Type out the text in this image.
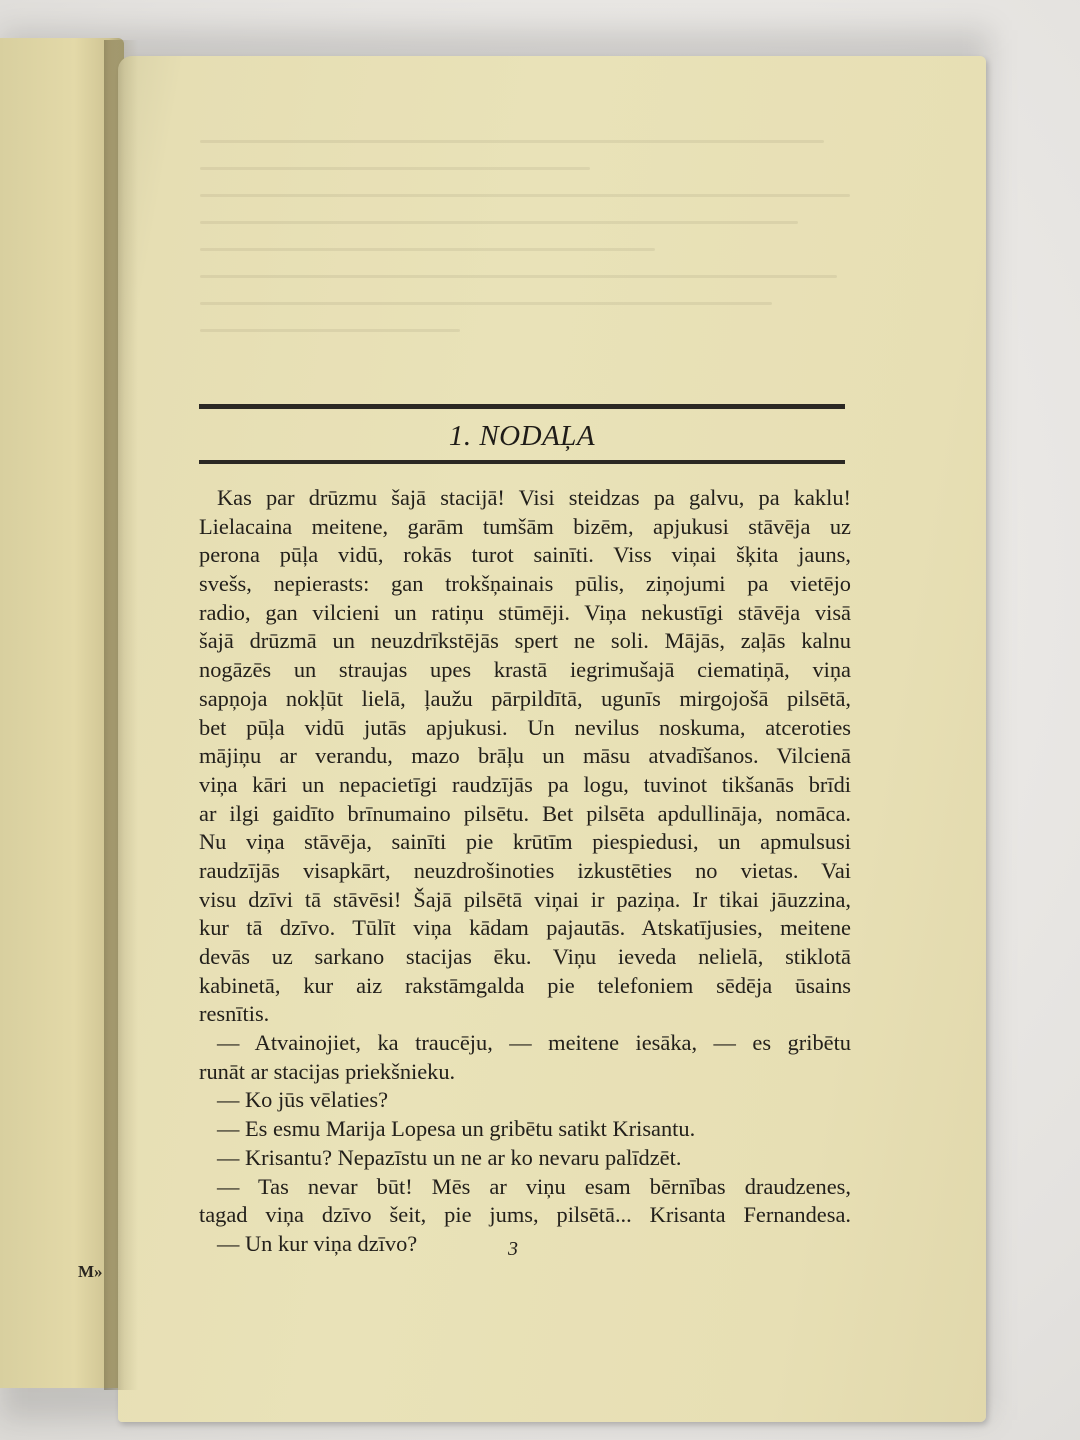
M»
1. NODAĻA
Kas par drūzmu šajā stacijā! Visi steidzas pa galvu, pa kaklu!
Lielacaina meitene, garām tumšām bizēm, apjukusi stāvēja uz
perona pūļa vidū, rokās turot sainīti. Viss viņai šķita jauns,
svešs, nepierasts: gan trokšņainais pūlis, ziņojumi pa vietējo
radio, gan vilcieni un ratiņu stūmēji. Viņa nekustīgi stāvēja visā
šajā drūzmā un neuzdrīkstējās spert ne soli. Mājās, zaļās kalnu
nogāzēs un straujas upes krastā iegrimušajā ciematiņā, viņa
sapņoja nokļūt lielā, ļaužu pārpildītā, ugunīs mirgojošā pilsētā,
bet pūļa vidū jutās apjukusi. Un nevilus noskuma, atceroties
mājiņu ar verandu, mazo brāļu un māsu atvadīšanos. Vilcienā
viņa kāri un nepacietīgi raudzījās pa logu, tuvinot tikšanās brīdi
ar ilgi gaidīto brīnumaino pilsētu. Bet pilsēta apdullināja, nomāca.
Nu viņa stāvēja, sainīti pie krūtīm piespiedusi, un apmulsusi
raudzījās visapkārt, neuzdrošinoties izkustēties no vietas. Vai
visu dzīvi tā stāvēsi! Šajā pilsētā viņai ir paziņa. Ir tikai jāuzzina,
kur tā dzīvo. Tūlīt viņa kādam pajautās. Atskatījusies, meitene
devās uz sarkano stacijas ēku. Viņu ieveda nelielā, stiklotā
kabinetā, kur aiz rakstāmgalda pie telefoniem sēdēja ūsains
resnītis.
— Atvainojiet, ka traucēju, — meitene iesāka, — es gribētu
runāt ar stacijas priekšnieku.
— Ko jūs vēlaties?
— Es esmu Marija Lopesa un gribētu satikt Krisantu.
— Krisantu? Nepazīstu un ne ar ko nevaru palīdzēt.
— Tas nevar būt! Mēs ar viņu esam bērnības draudzenes,
tagad viņa dzīvo šeit, pie jums, pilsētā... Krisanta Fernandesa.
— Un kur viņa dzīvo?	3
